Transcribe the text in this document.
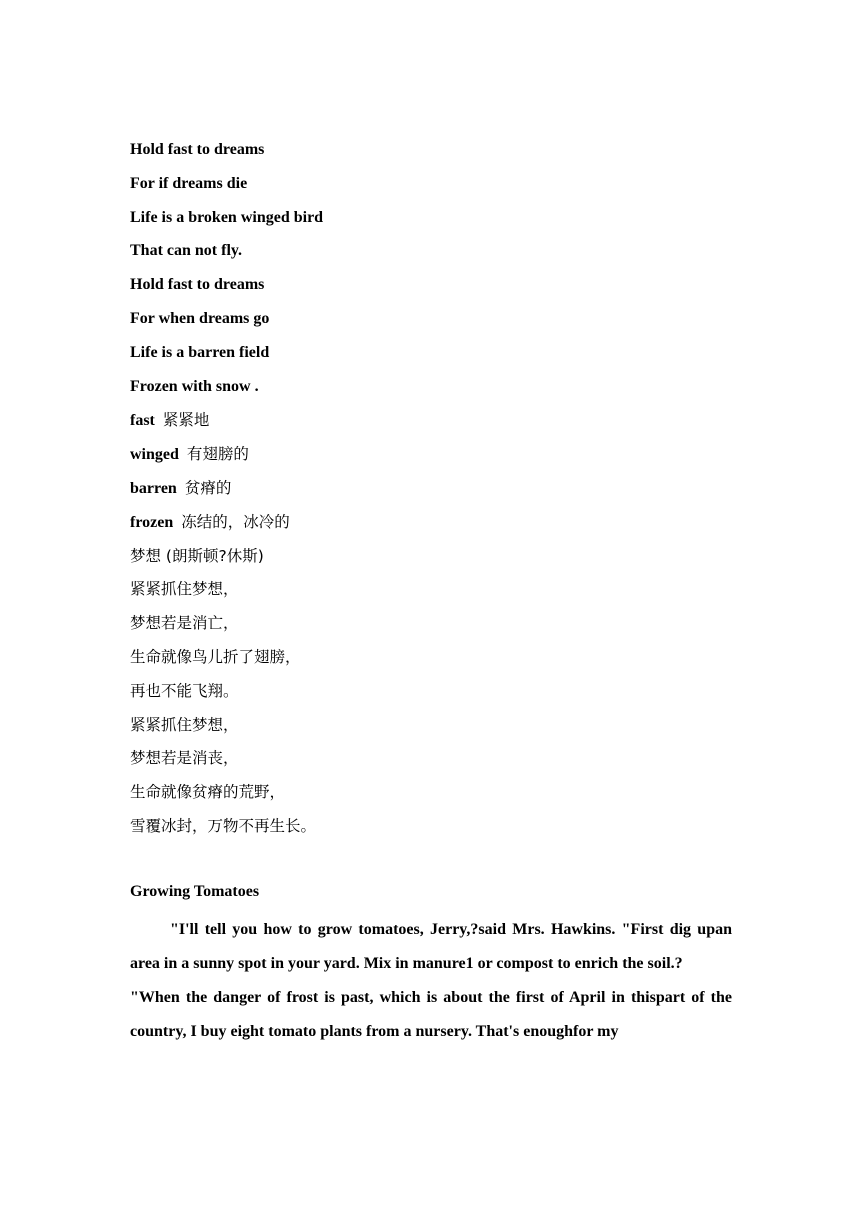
Hold fast to dreams
For if dreams die
Life is a broken winged bird
That can not fly.
Hold fast to dreams
For when dreams go
Life is a barren field
Frozen with snow .
fast 紧紧地
winged 有翅膀的
barren 贫瘠的
frozen 冻结的，冰冷的
梦想 (朗斯顿?休斯)
紧紧抓住梦想，
梦想若是消亡，
生命就像鸟儿折了翅膀，
再也不能飞翔。
紧紧抓住梦想，
梦想若是消丧，
生命就像贫瘠的荒野，
雪覆冰封，万物不再生长。
Growing Tomatoes

"I'll tell you how to grow tomatoes, Jerry,?said Mrs. Hawkins. "First dig upan area in a sunny spot in your yard. Mix in manure1 or compost to enrich the soil.?

"When the danger of frost is past, which is about the first of April in thispart of the country, I buy eight tomato plants from a nursery. That's enoughfor my
